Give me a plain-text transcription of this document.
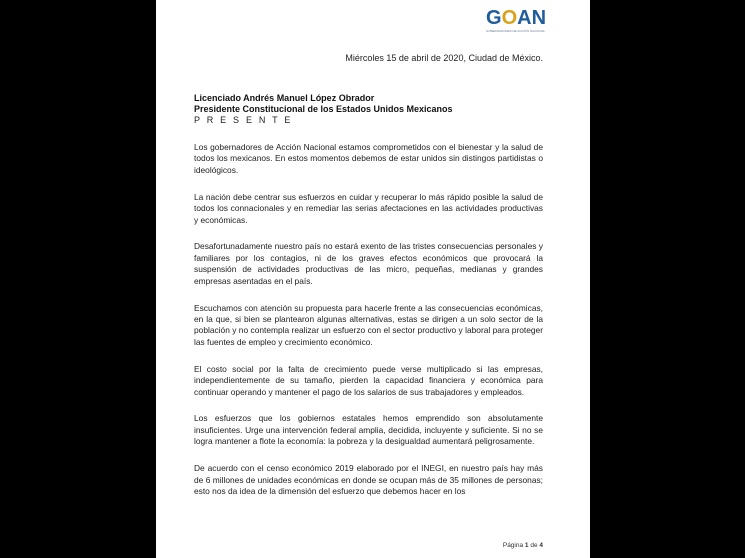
GOAN
GOBERNADORES DE ACCIÓN NACIONAL
Miércoles 15 de abril de 2020, Ciudad de México.
Licenciado Andrés Manuel López Obrador
Presidente Constitucional de los Estados Unidos Mexicanos
P R E S E N T E

Los gobernadores de Acción Nacional estamos comprometidos con el bienestar y la salud de todos los mexicanos. En estos momentos debemos de estar unidos sin distingos partidistas o ideológicos.

La nación debe centrar sus esfuerzos en cuidar y recuperar lo más rápido posible la salud de todos los connacionales y en remediar las serias afectaciones en las actividades productivas y económicas.

Desafortunadamente nuestro país no estará exento de las tristes consecuencias personales y familiares por los contagios, ni de los graves efectos económicos que provocará la suspensión de actividades productivas de las micro, pequeñas, medianas y grandes empresas asentadas en el país.

Escuchamos con atención su propuesta para hacerle frente a las consecuencias económicas, en la que, si bien se plantearon algunas alternativas, estas se dirigen a un solo sector de la población y no contempla realizar un esfuerzo con el sector productivo y laboral para proteger las fuentes de empleo y crecimiento económico.

El costo social por la falta de crecimiento puede verse multiplicado si las empresas, independientemente de su tamaño, pierden la capacidad financiera y económica para continuar operando y mantener el pago de los salarios de sus trabajadores y empleados.

Los esfuerzos que los gobiernos estatales hemos emprendido son absolutamente insuficientes. Urge una intervención federal amplia, decidida, incluyente y suficiente. Si no se logra mantener a flote la economía: la pobreza y la desigualdad aumentará peligrosamente.

De acuerdo con el censo económico 2019 elaborado por el INEGI, en nuestro país hay más de 6 millones de unidades económicas en donde se ocupan más de 35 millones de personas; esto nos da idea de la dimensión del esfuerzo que debemos hacer en los

Página 1 de 4
